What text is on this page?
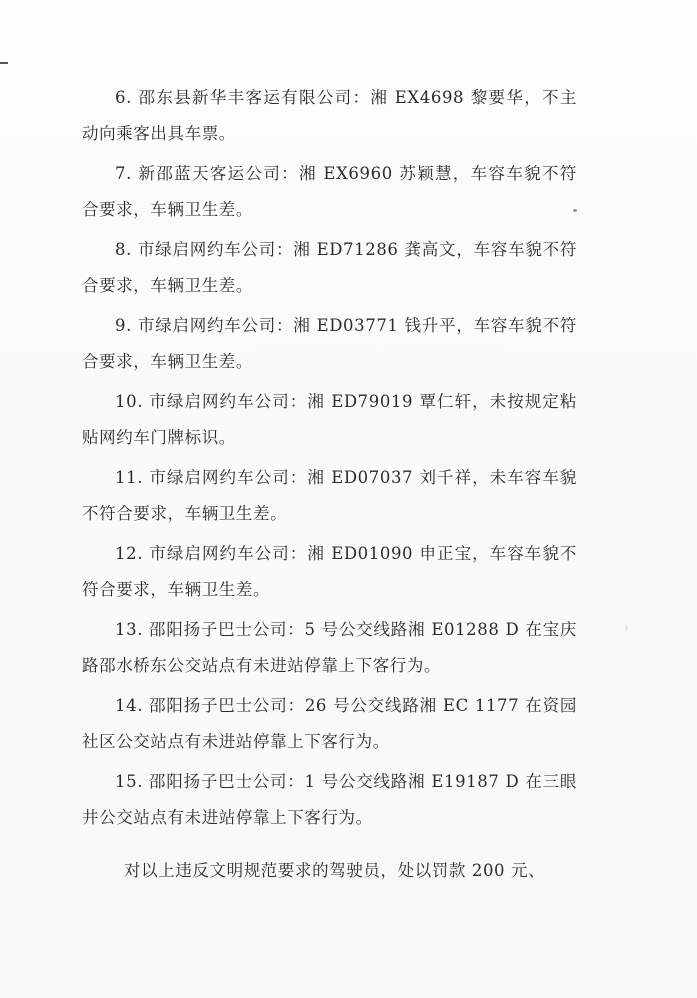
6. 邵东县新华丰客运有限公司：湘 EX4698 黎要华，不主动向乘客出具车票。

7. 新邵蓝天客运公司：湘 EX6960 苏颖慧，车容车貌不符合要求，车辆卫生差。

8. 市绿启网约车公司：湘 ED71286 龚高文，车容车貌不符合要求，车辆卫生差。

9. 市绿启网约车公司：湘 ED03771 钱升平，车容车貌不符合要求，车辆卫生差。

10. 市绿启网约车公司：湘 ED79019 覃仁轩，未按规定粘贴网约车门牌标识。

11. 市绿启网约车公司：湘 ED07037 刘千祥，未车容车貌不符合要求，车辆卫生差。

12. 市绿启网约车公司：湘 ED01090 申正宝，车容车貌不符合要求，车辆卫生差。

13. 邵阳扬子巴士公司：5 号公交线路湘 E01288 D 在宝庆路邵水桥东公交站点有未进站停靠上下客行为。

14. 邵阳扬子巴士公司：26 号公交线路湘 EC 1177 在资园社区公交站点有未进站停靠上下客行为。

15. 邵阳扬子巴士公司：1 号公交线路湘 E19187 D 在三眼井公交站点有未进站停靠上下客行为。

对以上违反文明规范要求的驾驶员，处以罚款 200 元、
